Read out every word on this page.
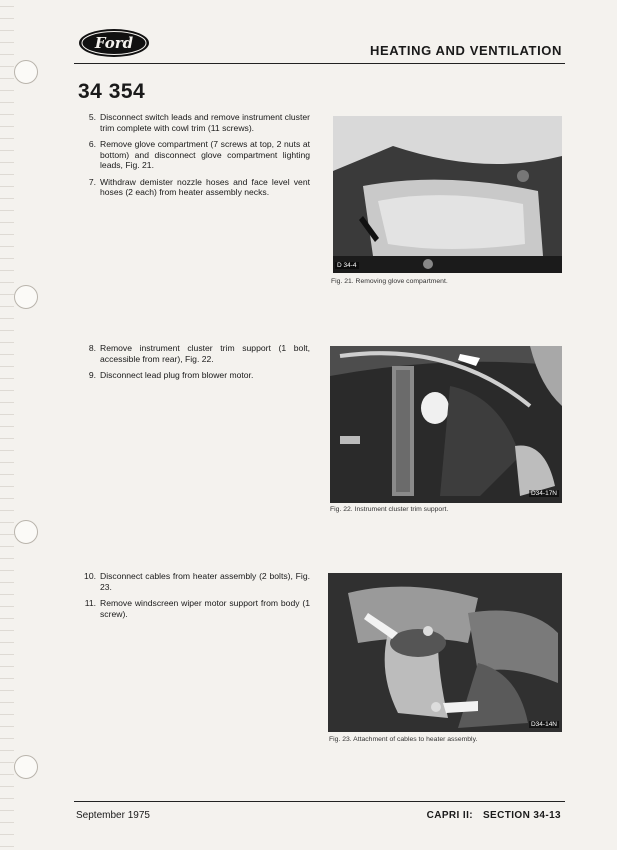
Ford	HEATING AND VENTILATION
34 354
5. Disconnect switch leads and remove instrument cluster trim complete with cowl trim (11 screws).
6. Remove glove compartment (7 screws at top, 2 nuts at bottom) and disconnect glove compartment lighting leads, Fig. 21.
7. Withdraw demister nozzle hoses and face level vent hoses (2 each) from heater assembly necks.
D 34-4
Fig. 21. Removing glove compartment.
8. Remove instrument cluster trim support (1 bolt, accessible from rear), Fig. 22.
9. Disconnect lead plug from blower motor.
D34-17N
Fig. 22. Instrument cluster trim support.
10. Disconnect cables from heater assembly (2 bolts), Fig. 23.
11. Remove windscreen wiper motor support from body (1 screw).
D34-14N
Fig. 23. Attachment of cables to heater assembly.
September 1975	CAPRI II: SECTION 34-13
